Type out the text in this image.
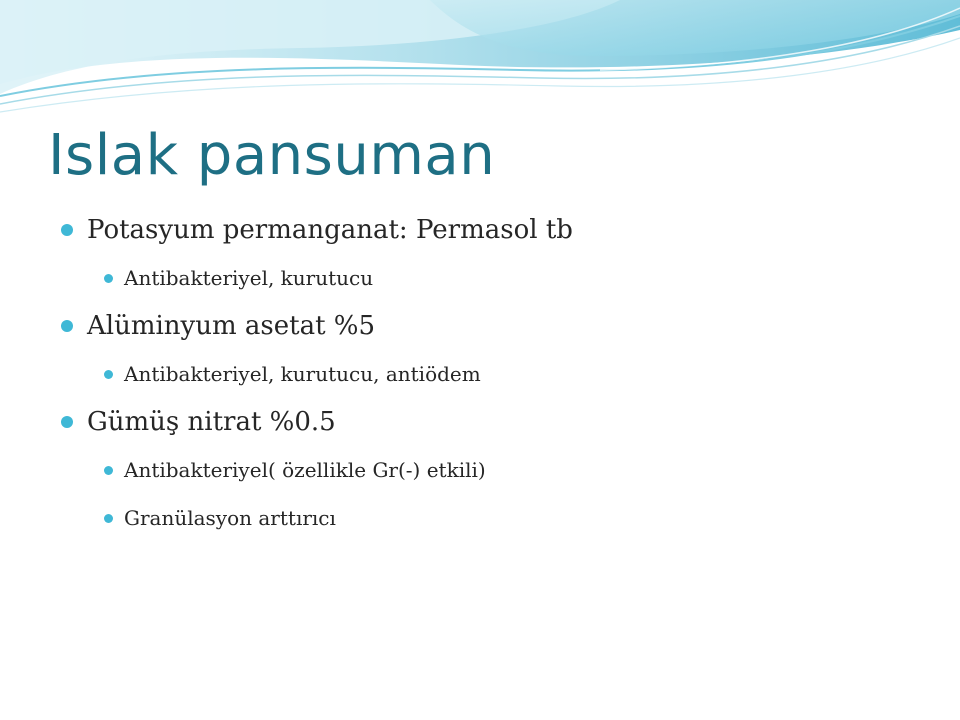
Islak pansuman

Potasyum permanganat: Permasol tb

Antibakteriyel, kurutucu

Alüminyum asetat %5

Antibakteriyel, kurutucu, antiödem

Gümüş nitrat %0.5

Antibakteriyel( özellikle Gr(-) etkili)

Granülasyon arttırıcı
